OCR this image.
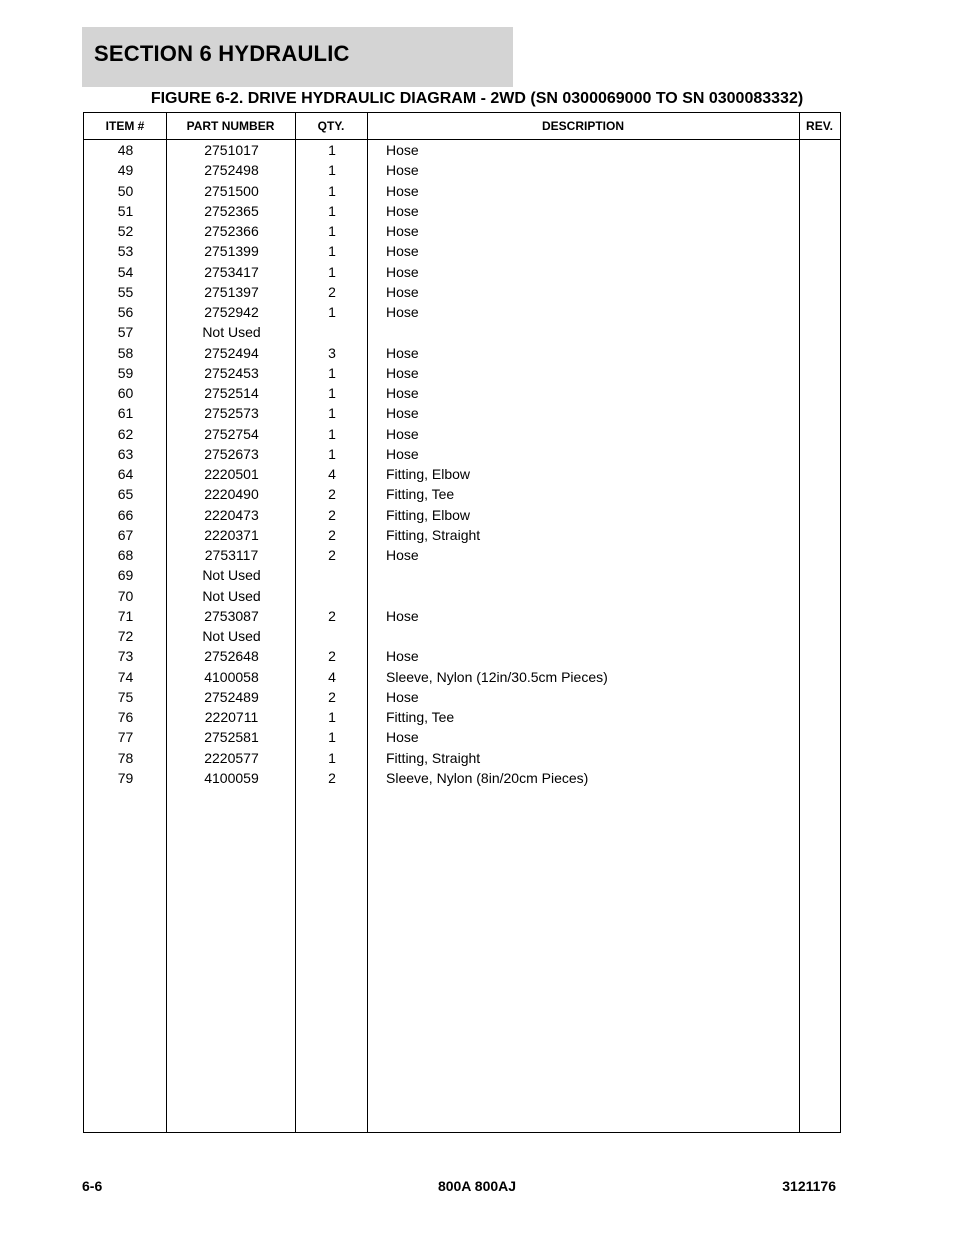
SECTION 6 HYDRAULIC
FIGURE 6-2. DRIVE HYDRAULIC DIAGRAM - 2WD (SN 0300069000 TO SN 0300083332)
ITEM #	PART NUMBER	QTY.	DESCRIPTION	REV.
48	2751017	1	Hose
49	2752498	1	Hose
50	2751500	1	Hose
51	2752365	1	Hose
52	2752366	1	Hose
53	2751399	1	Hose
54	2753417	1	Hose
55	2751397	2	Hose
56	2752942	1	Hose
57	Not Used
58	2752494	3	Hose
59	2752453	1	Hose
60	2752514	1	Hose
61	2752573	1	Hose
62	2752754	1	Hose
63	2752673	1	Hose
64	2220501	4	Fitting, Elbow
65	2220490	2	Fitting, Tee
66	2220473	2	Fitting, Elbow
67	2220371	2	Fitting, Straight
68	2753117	2	Hose
69	Not Used
70	Not Used
71	2753087	2	Hose
72	Not Used
73	2752648	2	Hose
74	4100058	4	Sleeve, Nylon (12in/30.5cm Pieces)
75	2752489	2	Hose
76	2220711	1	Fitting, Tee
77	2752581	1	Hose
78	2220577	1	Fitting, Straight
79	4100059	2	Sleeve, Nylon (8in/20cm Pieces)
6-6	800A 800AJ	3121176
